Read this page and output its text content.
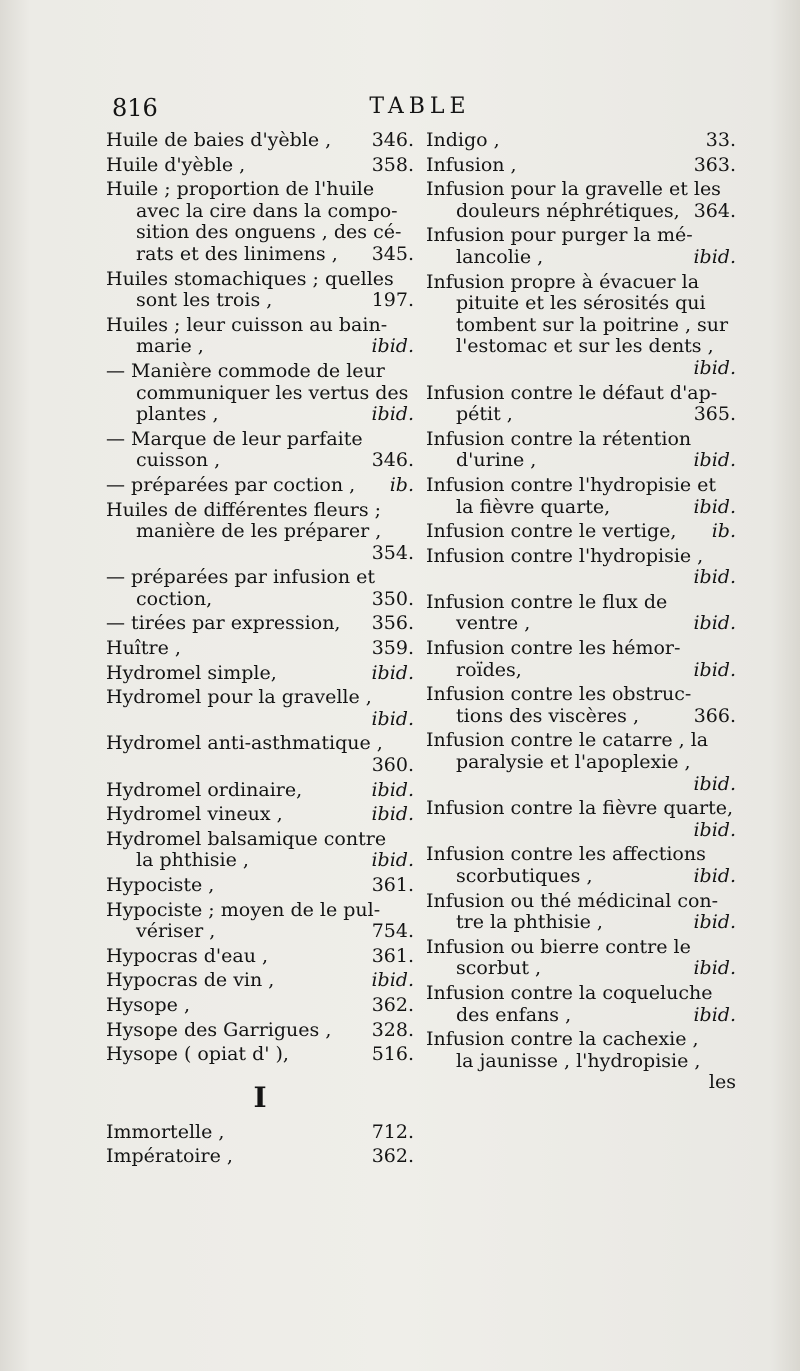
TABLE
816
Huile de baies d'yèble , 346.
Huile d'yèble ,	358.
Huile ; proportion de l'huile
avec la cire dans la compo-
sition des onguens , des cé-
rats et des linimens , 345.
Huiles stomachiques ; quelles
sont les trois ,	197.
Huiles ; leur cuisson au bain-
marie ,	ibid.
— Manière commode de leur
communiquer les vertus des
plantes ,	ibid.
— Marque de leur parfaite
cuisson ,	346.
— préparées par coction , ib.
Huiles de différentes fleurs ;
manière de les préparer ,
354.
— préparées par infusion et
coction,	350.
— tirées par expression, 356.
Huître ,	359.
Hydromel simple,	ibid.
Hydromel pour la gravelle ,
ibid.
Hydromel anti-asthmatique ,
360.
Hydromel ordinaire,	ibid.
Hydromel vineux ,	ibid.
Hydromel balsamique contre
la phthisie ,	ibid.
Hypociste ,	361.
Hypociste ; moyen de le pul-
vériser ,	754.
Hypocras d'eau ,	361.
Hypocras de vin ,	ibid.
Hysope ,	362.
Hysope des Garrigues , 328.
Hysope ( opiat d' ),	516.
I
Immortelle ,	712.
Impératoire ,	362.
Indigo ,	33.
Infusion ,	363.
Infusion pour la gravelle et les
douleurs néphrétiques, 364.
Infusion pour purger la mé-
lancolie ,	ibid.
Infusion propre à évacuer la
pituite et les sérosités qui
tombent sur la poitrine , sur
l'estomac et sur les dents ,
ibid.
Infusion contre le défaut d'ap-
pétit ,	365.
Infusion contre la rétention
d'urine ,	ibid.
Infusion contre l'hydropisie et
la fièvre quarte,	ibid.
Infusion contre le vertige, ib.
Infusion contre l'hydropisie ,
ibid.
Infusion contre le flux de
ventre ,	ibid.
Infusion contre les hémor-
roïdes,	ibid.
Infusion contre les obstruc-
tions des viscères ,	366.
Infusion contre le catarre , la
paralysie et l'apoplexie ,
ibid.
Infusion contre la fièvre quarte,
ibid.
Infusion contre les affections
scorbutiques ,	ibid.
Infusion ou thé médicinal con-
tre la phthisie ,	ibid.
Infusion ou bierre contre le
scorbut ,	ibid.
Infusion contre la coqueluche
des enfans ,	ibid.
Infusion contre la cachexie ,
la jaunisse , l'hydropisie ,
les
